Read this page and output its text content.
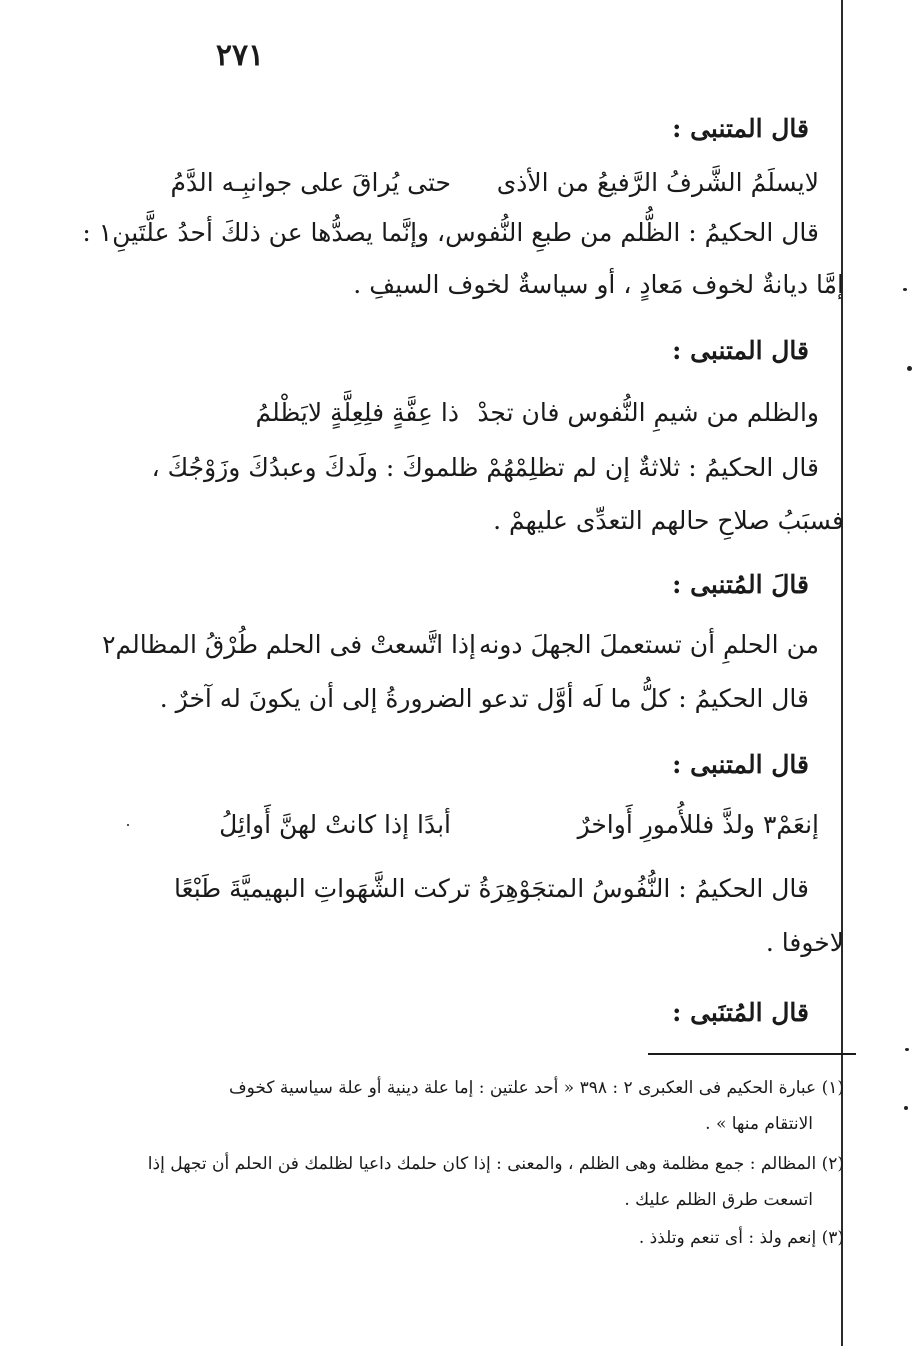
٢٧١
قال المتنبى :
لايسلَمُ الشَّرفُ الرَّفيعُ من الأذى
حتى يُراقَ على جوانبِـه الدَّمُ
قال الحكيمُ : الظُّلم من طبعِ النُّفوس، وإنَّما يصدُّها عن ذلكَ أحدُ علَّتَينِ١ :
إمَّا ديانةٌ لخوف مَعادٍ ، أو سياسةٌ لخوف السيفِ .
قال المتنبى :
والظلم من شيمِ النُّفوس فان تجدْ
ذا عِفَّةٍ فلِعِلَّةٍ لايَظْلمُ
قال الحكيمُ : ثلاثةٌ إن لم تظلِمْهُمْ ظلموكَ : ولَدكَ وعبدُكَ وزَوْجُكَ ،
فسبَبُ صلاحِ حالهم التعدِّى عليهمْ .
قالَ المُتنبى :
من الحلمِ أن تستعملَ الجهلَ دونه
إذا اتَّسعتْ فى الحلم طُرْقُ المظالم٢
قال الحكيمُ : كلُّ ما لَه أوَّل تدعو الضرورةُ إلى أن يكونَ له آخرٌ .
قال المتنبى :
إنعَمْ٣ ولذَّ فللأُمورِ أَواخرٌ
أبدًا إذا كانتْ لهنَّ أَوائِلُ
قال الحكيمُ : النُّفُوسُ المتجَوْهِرَةُ تركت الشَّهَواتِ البهيميَّةَ طَبْعًا
لاخوفا .
قال المُتنَبى :
(١) عبارة الحكيم فى العكبرى ٢ : ٣٩٨ « أحد علتين : إما علة دينية أو علة سياسية كخوف
الانتقام منها » .
(٢) المظالم : جمع مظلمة وهى الظلم ، والمعنى : إذا كان حلمك داعيا لظلمك فن الحلم أن تجهل إذا
اتسعت طرق الظلم عليك .
(٣) إنعم ولذ : أى تنعم وتلذذ .
